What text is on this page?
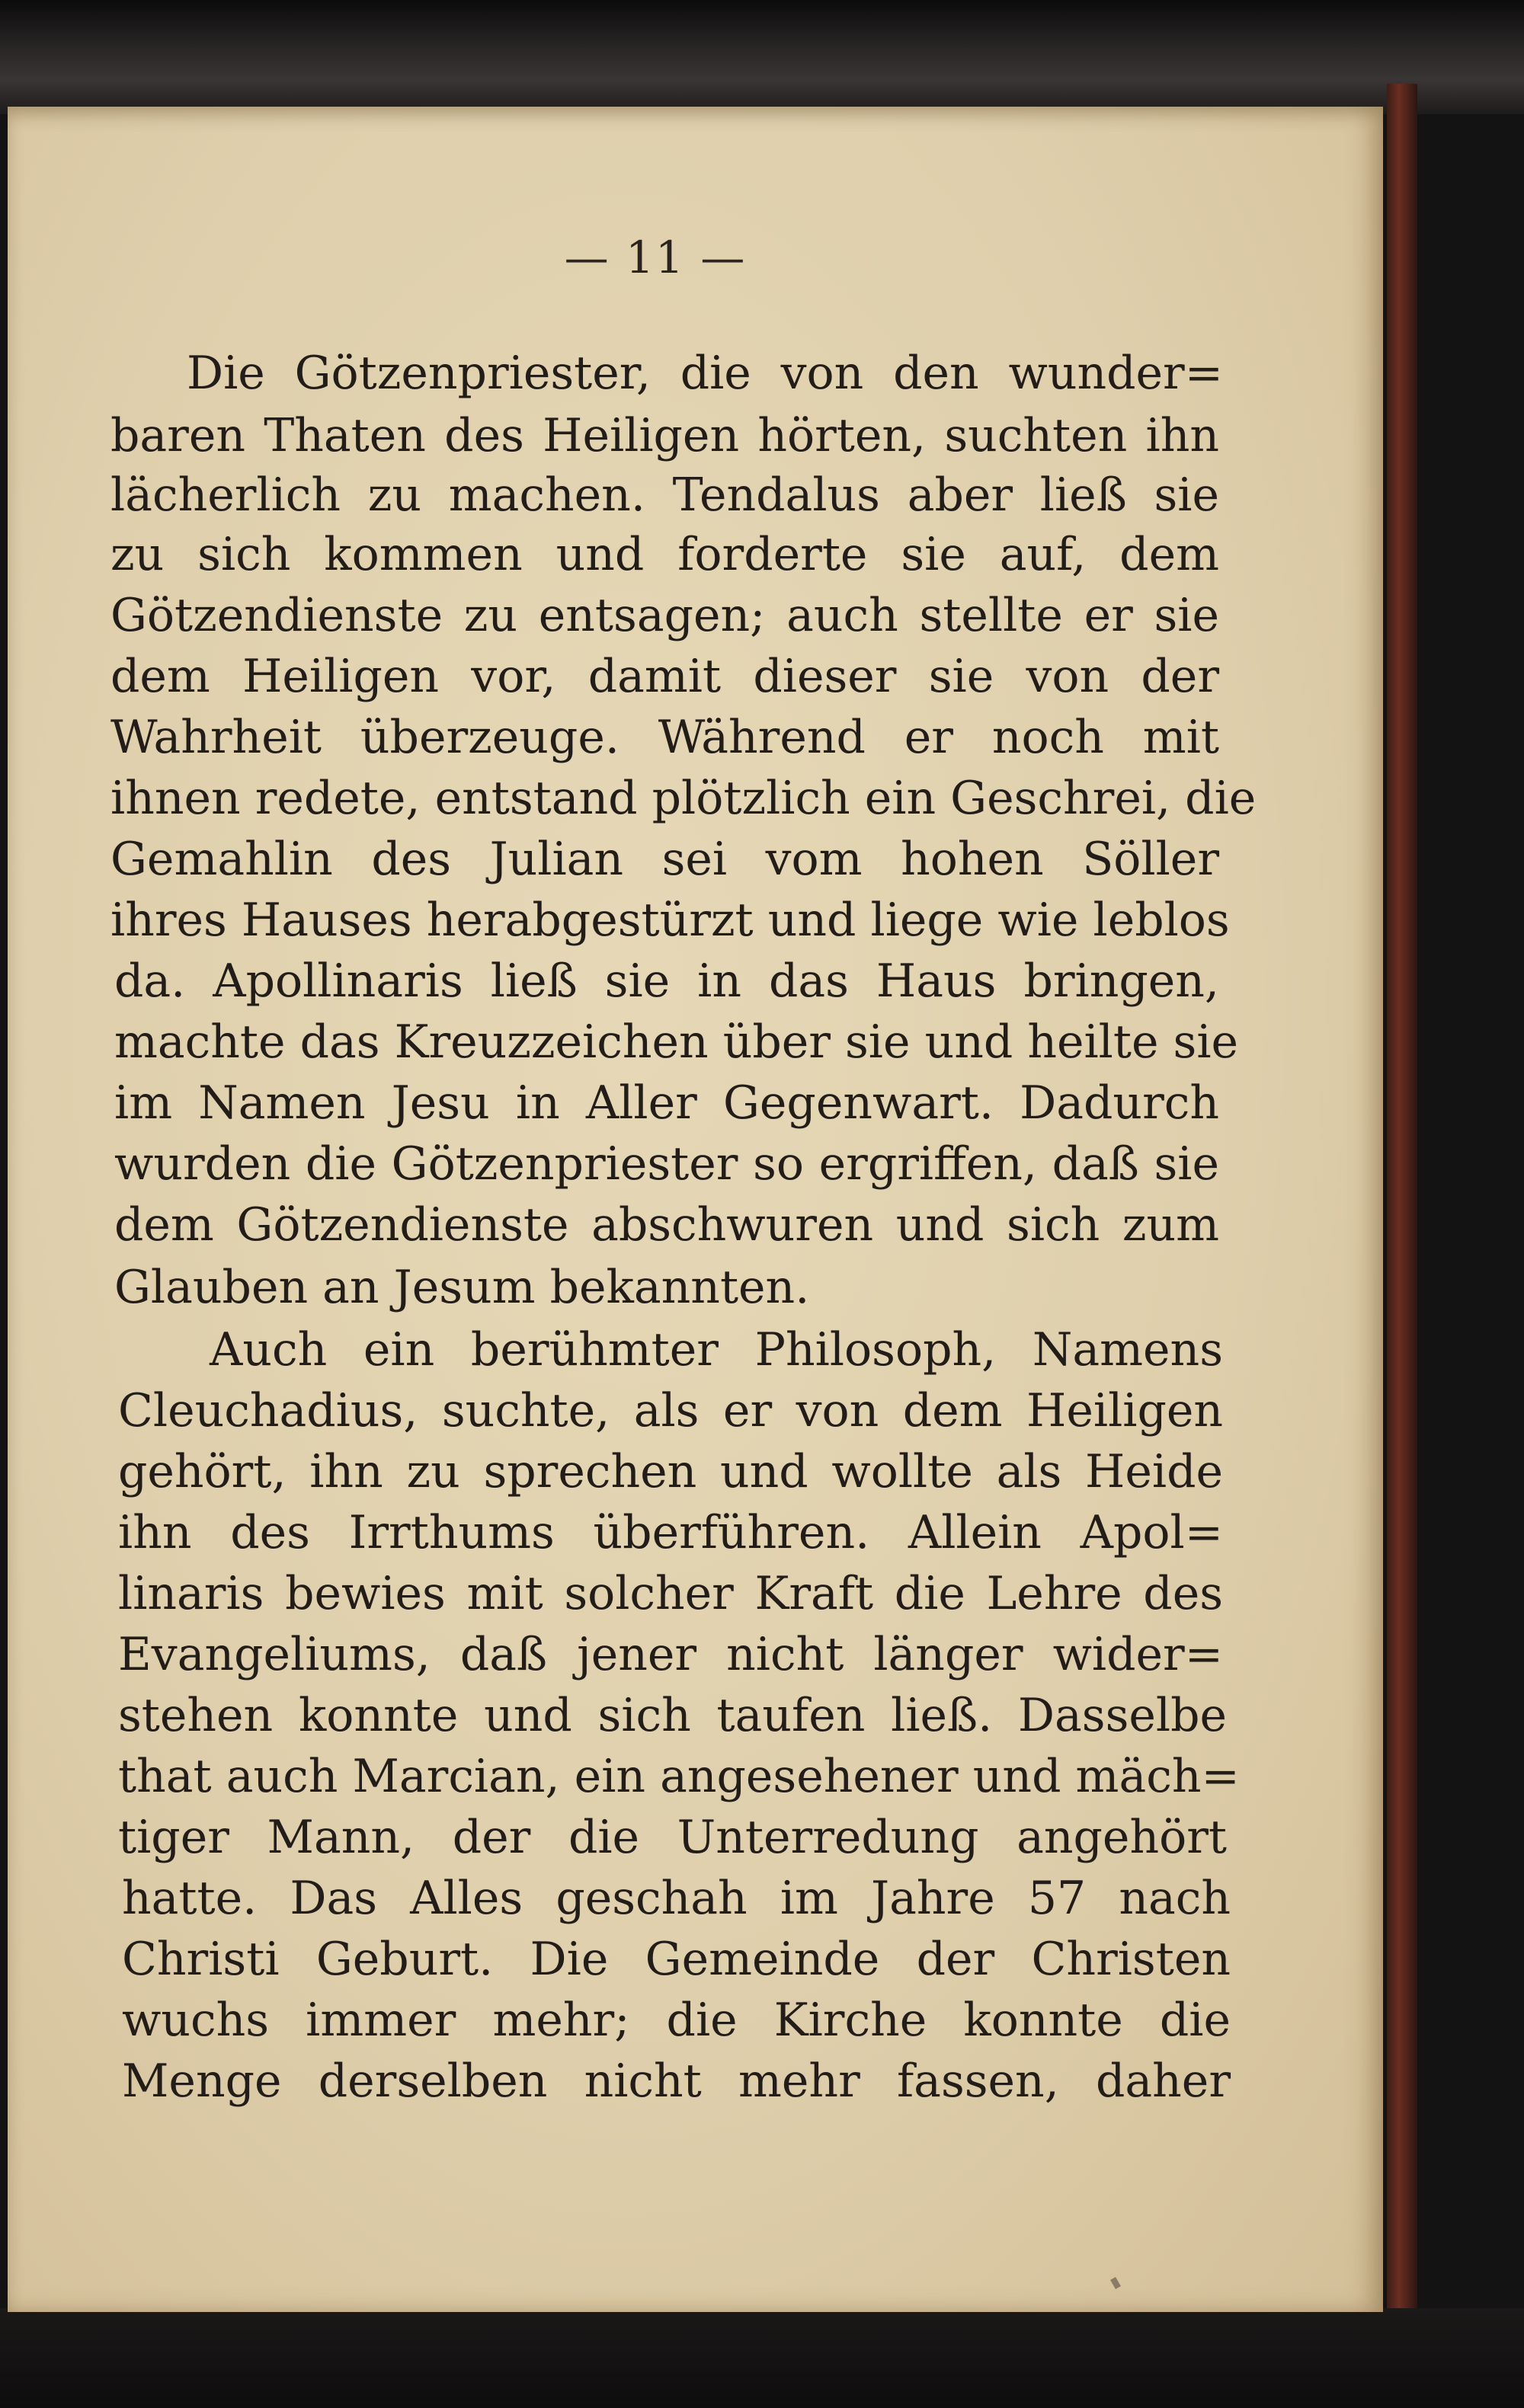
— 11 —
Die Götzenpriester, die von den wunder=
baren Thaten des Heiligen hörten, suchten ihn
lächerlich zu machen. Tendalus aber ließ sie
zu sich kommen und forderte sie auf, dem
Götzendienste zu entsagen; auch stellte er sie
dem Heiligen vor, damit dieser sie von der
Wahrheit überzeuge. Während er noch mit
ihnen redete, entstand plötzlich ein Geschrei, die
Gemahlin des Julian sei vom hohen Söller
ihres Hauses herabgestürzt und liege wie leblos
da. Apollinaris ließ sie in das Haus bringen,
machte das Kreuzzeichen über sie und heilte sie
im Namen Jesu in Aller Gegenwart. Dadurch
wurden die Götzenpriester so ergriffen, daß sie
dem Götzendienste abschwuren und sich zum
Glauben an Jesum bekannten.
Auch ein berühmter Philosoph, Namens
Cleuchadius, suchte, als er von dem Heiligen
gehört, ihn zu sprechen und wollte als Heide
ihn des Irrthums überführen. Allein Apol=
linaris bewies mit solcher Kraft die Lehre des
Evangeliums, daß jener nicht länger wider=
stehen konnte und sich taufen ließ. Dasselbe
that auch Marcian, ein angesehener und mäch=
tiger Mann, der die Unterredung angehört
hatte. Das Alles geschah im Jahre 57 nach
Christi Geburt. Die Gemeinde der Christen
wuchs immer mehr; die Kirche konnte die
Menge derselben nicht mehr fassen, daher
